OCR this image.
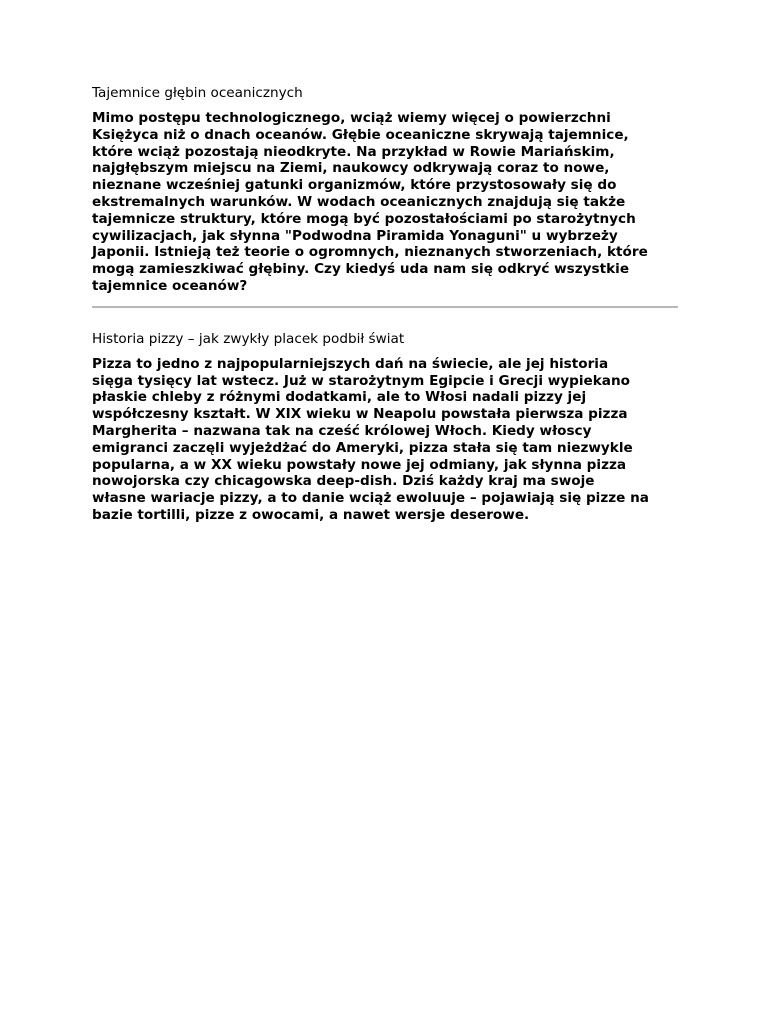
Tajemnice głębin oceanicznych

Mimo postępu technologicznego, wciąż wiemy więcej o powierzchni
Księżyca niż o dnach oceanów. Głębie oceaniczne skrywają tajemnice,
które wciąż pozostają nieodkryte. Na przykład w Rowie Mariańskim,
najgłębszym miejscu na Ziemi, naukowcy odkrywają coraz to nowe,
nieznane wcześniej gatunki organizmów, które przystosowały się do
ekstremalnych warunków. W wodach oceanicznych znajdują się także
tajemnicze struktury, które mogą być pozostałościami po starożytnych
cywilizacjach, jak słynna "Podwodna Piramida Yonaguni" u wybrzeży
Japonii. Istnieją też teorie o ogromnych, nieznanych stworzeniach, które
mogą zamieszkiwać głębiny. Czy kiedyś uda nam się odkryć wszystkie
tajemnice oceanów?

Historia pizzy – jak zwykły placek podbił świat

Pizza to jedno z najpopularniejszych dań na świecie, ale jej historia
sięga tysięcy lat wstecz. Już w starożytnym Egipcie i Grecji wypiekano
płaskie chleby z różnymi dodatkami, ale to Włosi nadali pizzy jej
współczesny kształt. W XIX wieku w Neapolu powstała pierwsza pizza
Margherita – nazwana tak na cześć królowej Włoch. Kiedy włoscy
emigranci zaczęli wyjeżdżać do Ameryki, pizza stała się tam niezwykle
popularna, a w XX wieku powstały nowe jej odmiany, jak słynna pizza
nowojorska czy chicagowska deep-dish. Dziś każdy kraj ma swoje
własne wariacje pizzy, a to danie wciąż ewoluuje – pojawiają się pizze na
bazie tortilli, pizze z owocami, a nawet wersje deserowe.
